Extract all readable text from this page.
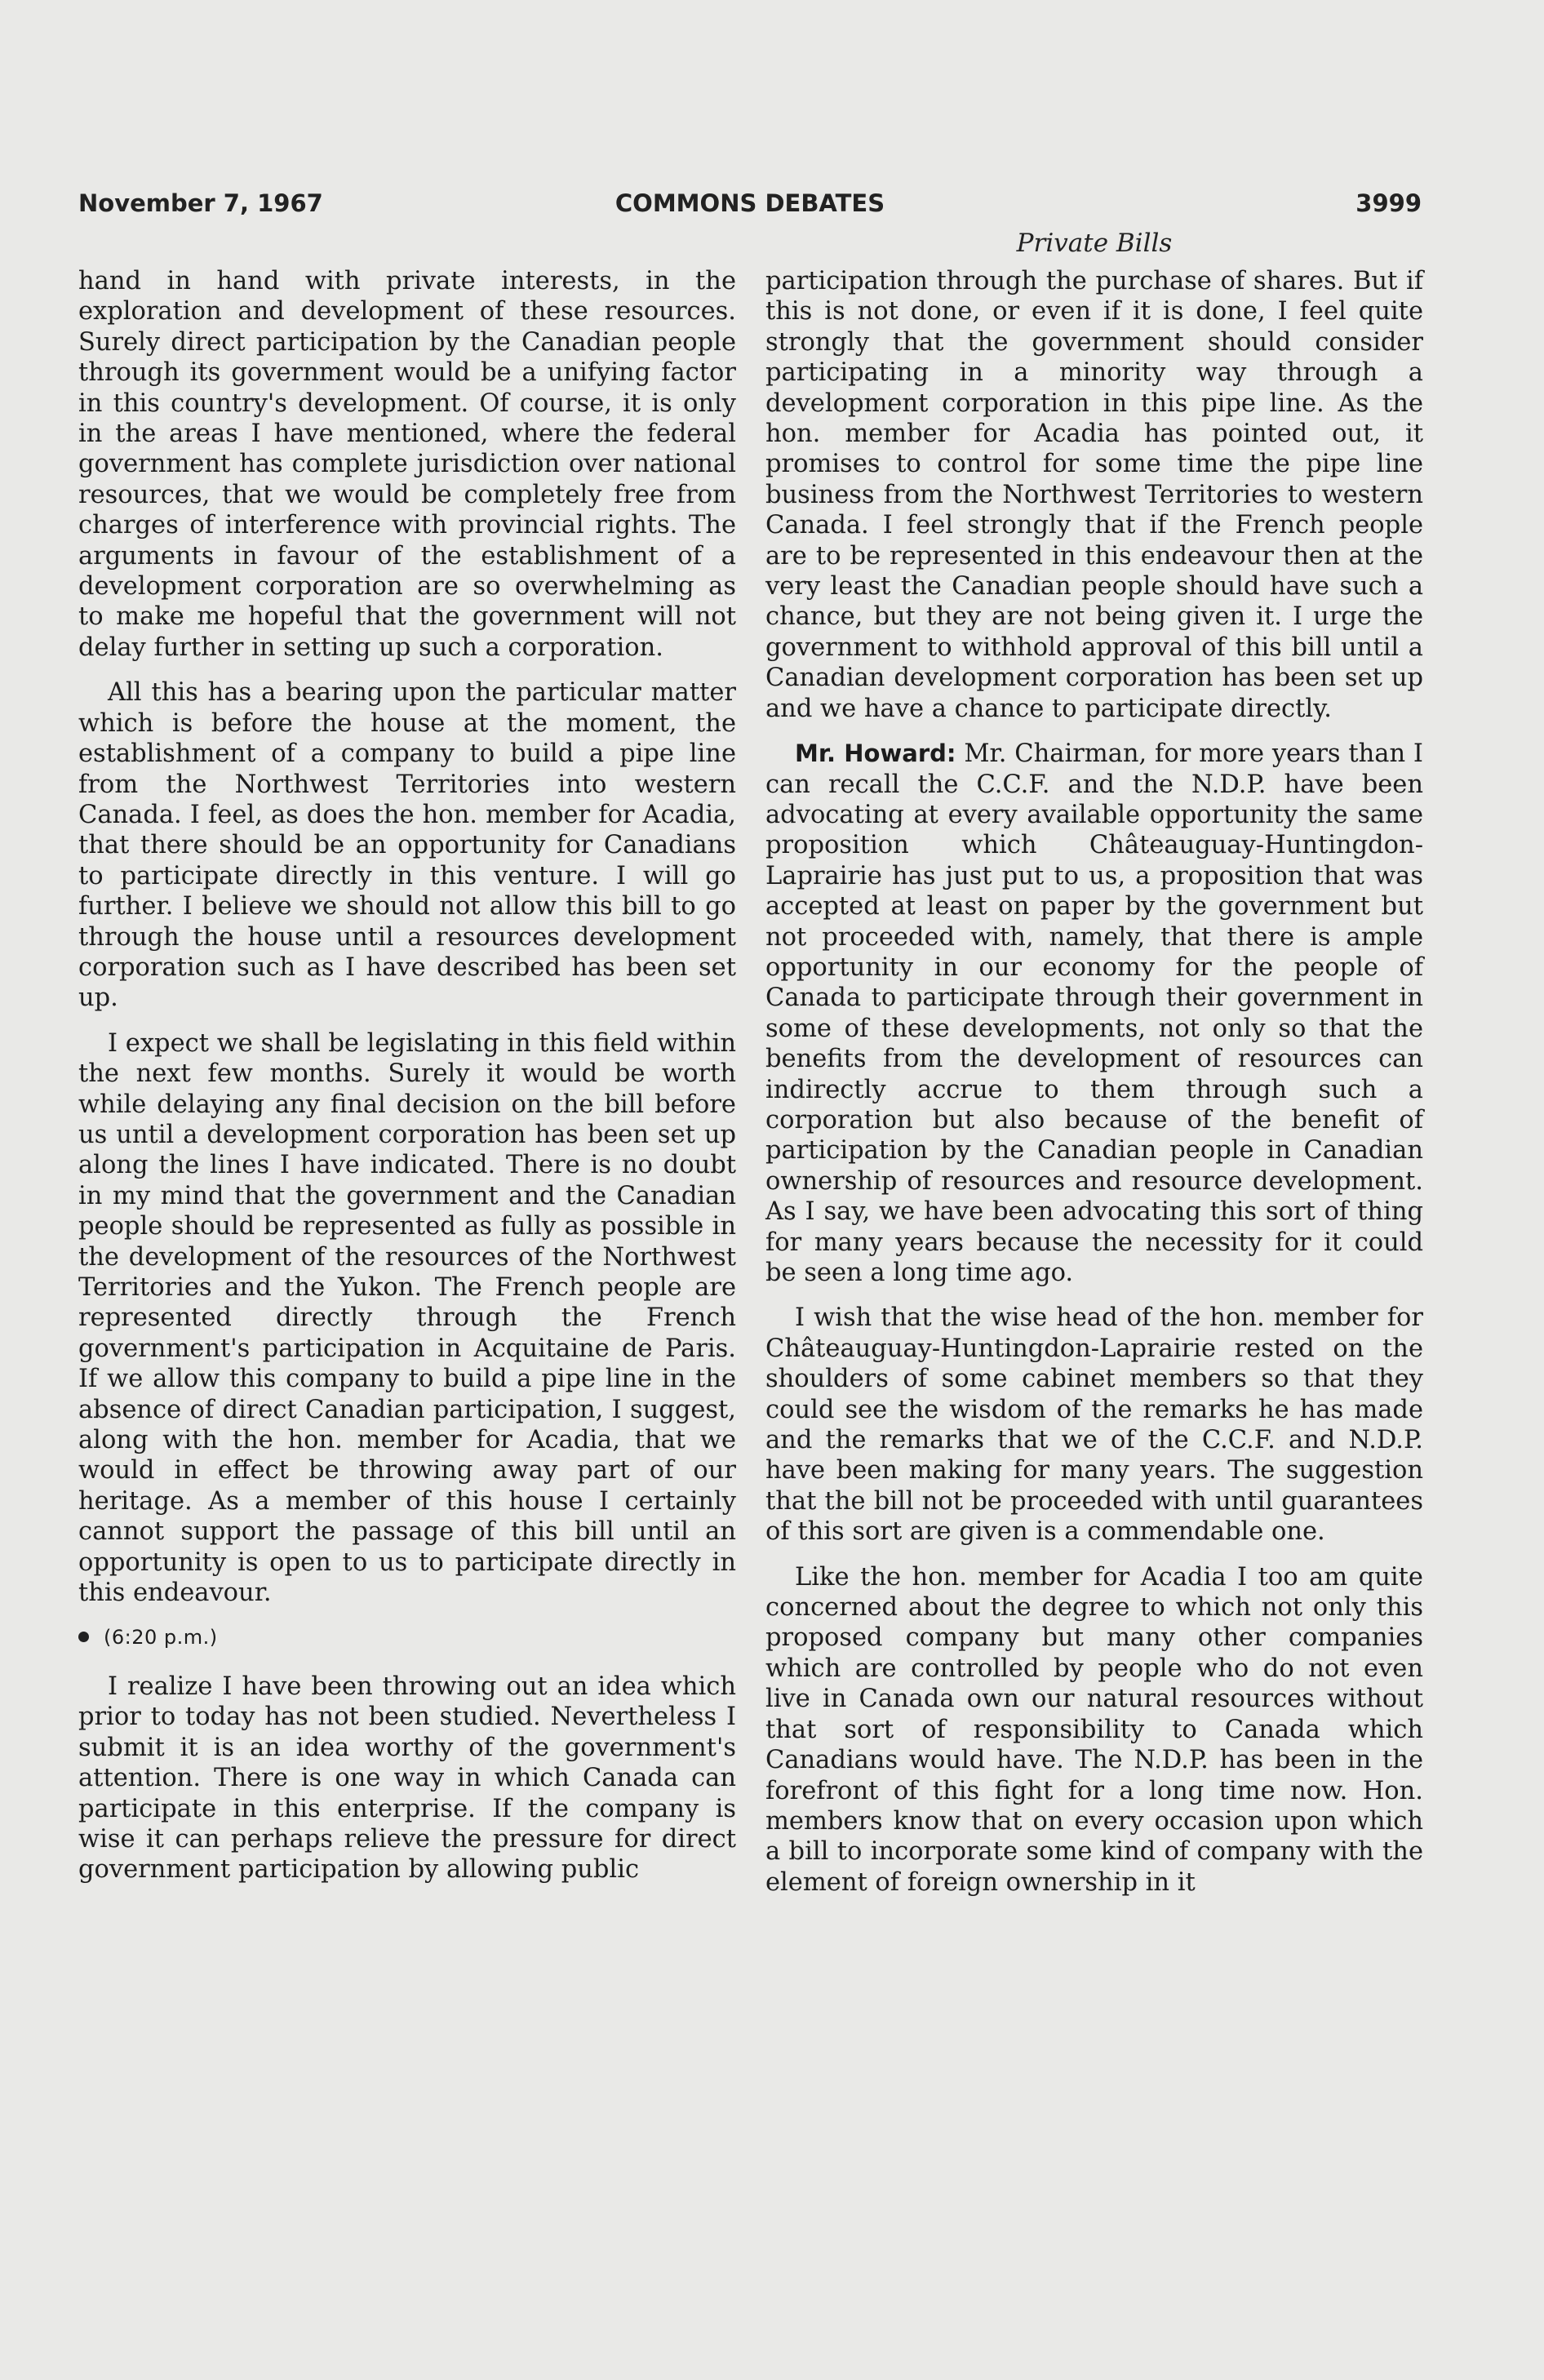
November 7, 1967	COMMONS DEBATES	3999
Private Bills

hand in hand with private interests, in the exploration and development of these resources. Surely direct participation by the Canadian people through its government would be a unifying factor in this country's development. Of course, it is only in the areas I have mentioned, where the federal government has complete jurisdiction over national resources, that we would be completely free from charges of interference with provincial rights. The arguments in favour of the establishment of a development corporation are so overwhelming as to make me hopeful that the government will not delay further in setting up such a corporation.

All this has a bearing upon the particular matter which is before the house at the moment, the establishment of a company to build a pipe line from the Northwest Territories into western Canada. I feel, as does the hon. member for Acadia, that there should be an opportunity for Canadians to participate directly in this venture. I will go further. I believe we should not allow this bill to go through the house until a resources development corporation such as I have described has been set up.

I expect we shall be legislating in this field within the next few months. Surely it would be worth while delaying any final decision on the bill before us until a development corporation has been set up along the lines I have indicated. There is no doubt in my mind that the government and the Canadian people should be represented as fully as possible in the development of the resources of the Northwest Territories and the Yukon. The French people are represented directly through the French government's participation in Acquitaine de Paris. If we allow this company to build a pipe line in the absence of direct Canadian participation, I suggest, along with the hon. member for Acadia, that we would in effect be throwing away part of our heritage. As a member of this house I certainly cannot support the passage of this bill until an opportunity is open to us to participate directly in this endeavour.

(6:20 p.m.)

I realize I have been throwing out an idea which prior to today has not been studied. Nevertheless I submit it is an idea worthy of the government's attention. There is one way in which Canada can participate in this enterprise. If the company is wise it can perhaps relieve the pressure for direct government participation by allowing public

participation through the purchase of shares. But if this is not done, or even if it is done, I feel quite strongly that the government should consider participating in a minority way through a development corporation in this pipe line. As the hon. member for Acadia has pointed out, it promises to control for some time the pipe line business from the Northwest Territories to western Canada. I feel strongly that if the French people are to be represented in this endeavour then at the very least the Canadian people should have such a chance, but they are not being given it. I urge the government to withhold approval of this bill until a Canadian development corporation has been set up and we have a chance to participate directly.

Mr. Howard: Mr. Chairman, for more years than I can recall the C.C.F. and the N.D.P. have been advocating at every available opportunity the same proposition which Châteauguay-Huntingdon-Laprairie has just put to us, a proposition that was accepted at least on paper by the government but not proceeded with, namely, that there is ample opportunity in our economy for the people of Canada to participate through their government in some of these developments, not only so that the benefits from the development of resources can indirectly accrue to them through such a corporation but also because of the benefit of participation by the Canadian people in Canadian ownership of resources and resource development. As I say, we have been advocating this sort of thing for many years because the necessity for it could be seen a long time ago.

I wish that the wise head of the hon. member for Châteauguay-Huntingdon-Laprairie rested on the shoulders of some cabinet members so that they could see the wisdom of the remarks he has made and the remarks that we of the C.C.F. and N.D.P. have been making for many years. The suggestion that the bill not be proceeded with until guarantees of this sort are given is a commendable one.

Like the hon. member for Acadia I too am quite concerned about the degree to which not only this proposed company but many other companies which are controlled by people who do not even live in Canada own our natural resources without that sort of responsibility to Canada which Canadians would have. The N.D.P. has been in the forefront of this fight for a long time now. Hon. members know that on every occasion upon which a bill to incorporate some kind of company with the element of foreign ownership in it
